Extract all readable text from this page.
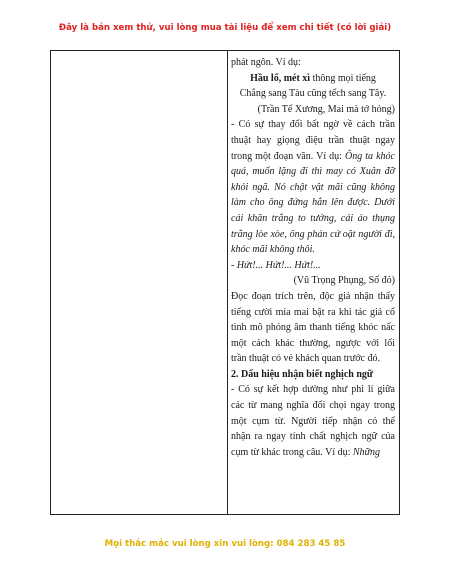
Đây là bản xem thử, vui lòng mua tài liệu để xem chi tiết (có lời giải)

phát ngôn. Ví dụ:

Hầu lố, mét xì thông mọi tiếng

Chẳng sang Tàu cũng tếch sang Tây.

(Trần Tế Xương, Mai mà tớ hỏng)

- Có sự thay đổi bất ngờ về cách trần thuật hay giọng điệu trần thuật ngay trong một đoạn văn. Ví dụ: Ông ta khóc quá, muốn lặng đi thì may có Xuân đỡ khỏi ngã. Nó chật vật mãi cũng không làm cho ông đứng hẳn lên được. Dưới cái khăn trắng to tướng, cái áo thụng trắng lòe xòe, ông phán cứ oặt người đi, khóc mãi không thôi.

- Hứt!... Hứt!... Hứt!...

(Vũ Trọng Phụng, Số đỏ)

Đọc đoạn trích trên, độc giả nhận thấy tiếng cười mỉa mai bật ra khi tác giả cố tình mô phỏng âm thanh tiếng khóc nấc một cách khác thường, ngược với lối trần thuật có vẻ khách quan trước đó.

2. Dấu hiệu nhận biết nghịch ngữ

- Có sự kết hợp dường như phi lí giữa các từ mang nghĩa đối chọi ngay trong một cụm từ. Người tiếp nhận có thể nhận ra ngay tính chất nghịch ngữ của cụm từ khác trong câu. Ví dụ: Những

Mọi thắc mắc vui lòng xin vui lòng: 084 283 45 85
